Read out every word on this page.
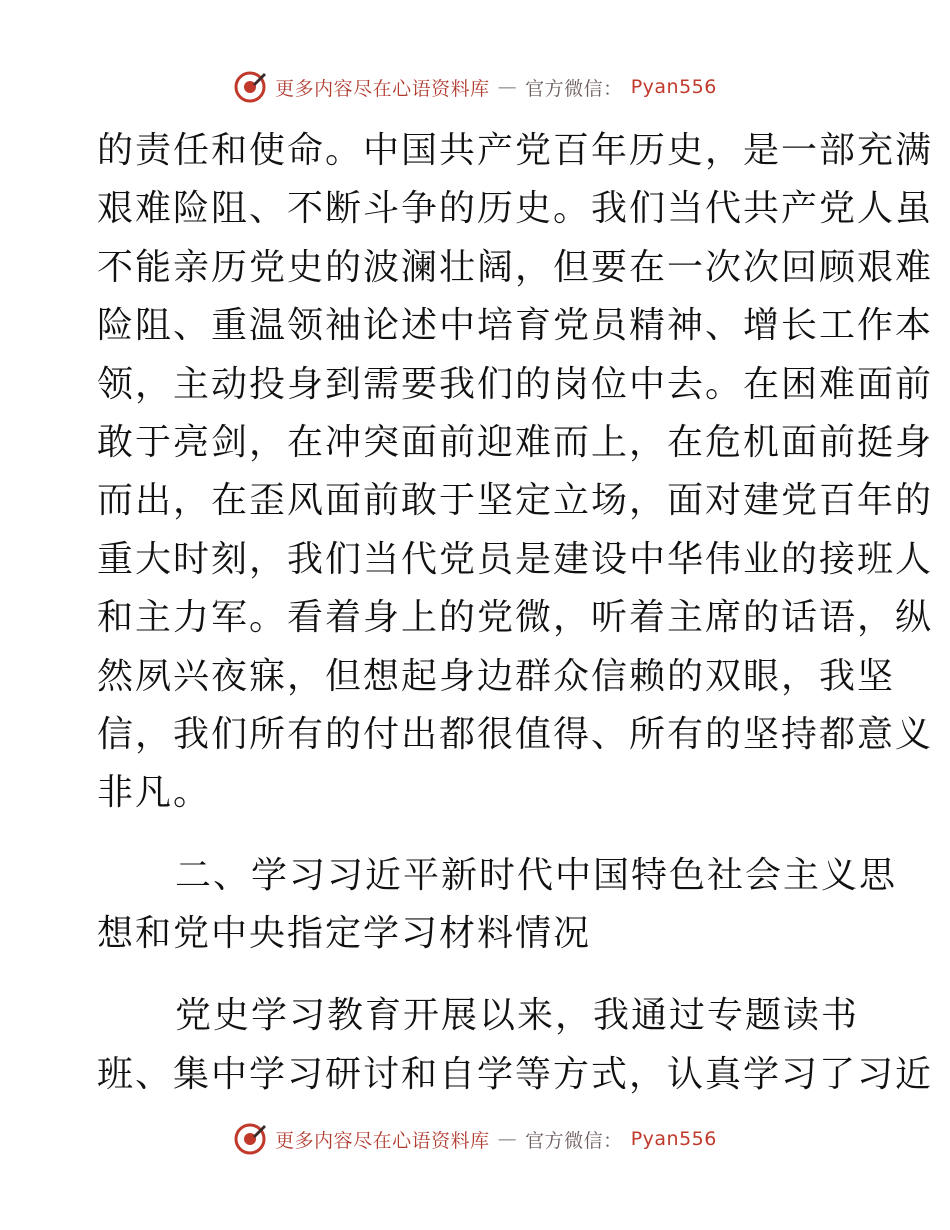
更多内容尽在心语资料库 — 官方微信： Pyan556
的责任和使命。中国共产党百年历史，是一部充满
艰难险阻、不断斗争的历史。我们当代共产党人虽
不能亲历党史的波澜壮阔，但要在一次次回顾艰难
险阻、重温领袖论述中培育党员精神、增长工作本
领，主动投身到需要我们的岗位中去。在困难面前
敢于亮剑，在冲突面前迎难而上，在危机面前挺身
而出，在歪风面前敢于坚定立场，面对建党百年的
重大时刻，我们当代党员是建设中华伟业的接班人
和主力军。看着身上的党微，听着主席的话语，纵
然夙兴夜寐，但想起身边群众信赖的双眼，我坚
信，我们所有的付出都很值得、所有的坚持都意义
非凡。
二、学习习近平新时代中国特色社会主义思
想和党中央指定学习材料情况
党史学习教育开展以来，我通过专题读书
班、集中学习研讨和自学等方式，认真学习了习近
更多内容尽在心语资料库 — 官方微信： Pyan556
